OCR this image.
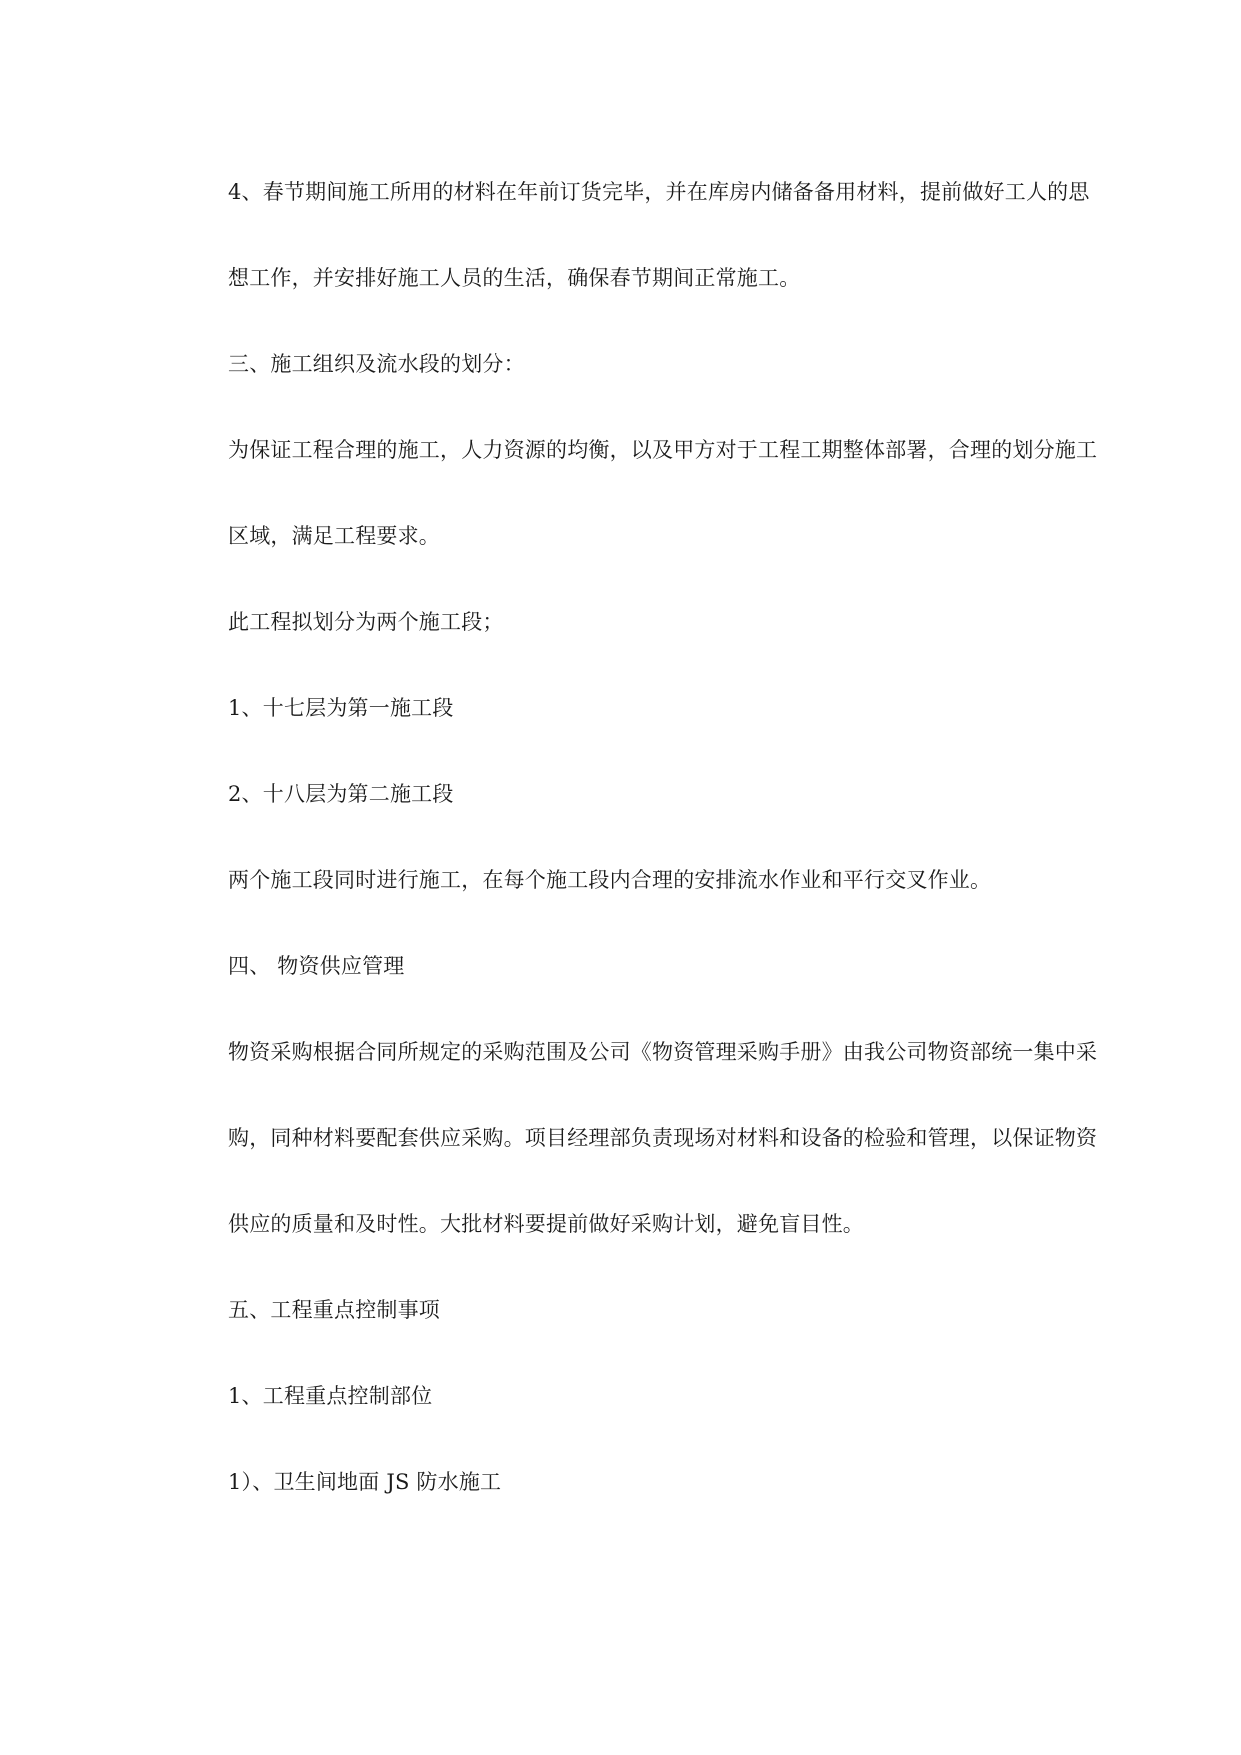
4、春节期间施工所用的材料在年前订货完毕，并在库房内储备备用材料，提前做好工人的思
想工作，并安排好施工人员的生活，确保春节期间正常施工。
三、施工组织及流水段的划分：
为保证工程合理的施工，人力资源的均衡，以及甲方对于工程工期整体部署，合理的划分施工
区域，满足工程要求。
此工程拟划分为两个施工段；
1、十七层为第一施工段
2、十八层为第二施工段
两个施工段同时进行施工，在每个施工段内合理的安排流水作业和平行交叉作业。
四、 物资供应管理
物资采购根据合同所规定的采购范围及公司《物资管理采购手册》由我公司物资部统一集中采
购，同种材料要配套供应采购。项目经理部负责现场对材料和设备的检验和管理，以保证物资
供应的质量和及时性。大批材料要提前做好采购计划，避免盲目性。
五、工程重点控制事项
1、工程重点控制部位
1）、卫生间地面 JS 防水施工
